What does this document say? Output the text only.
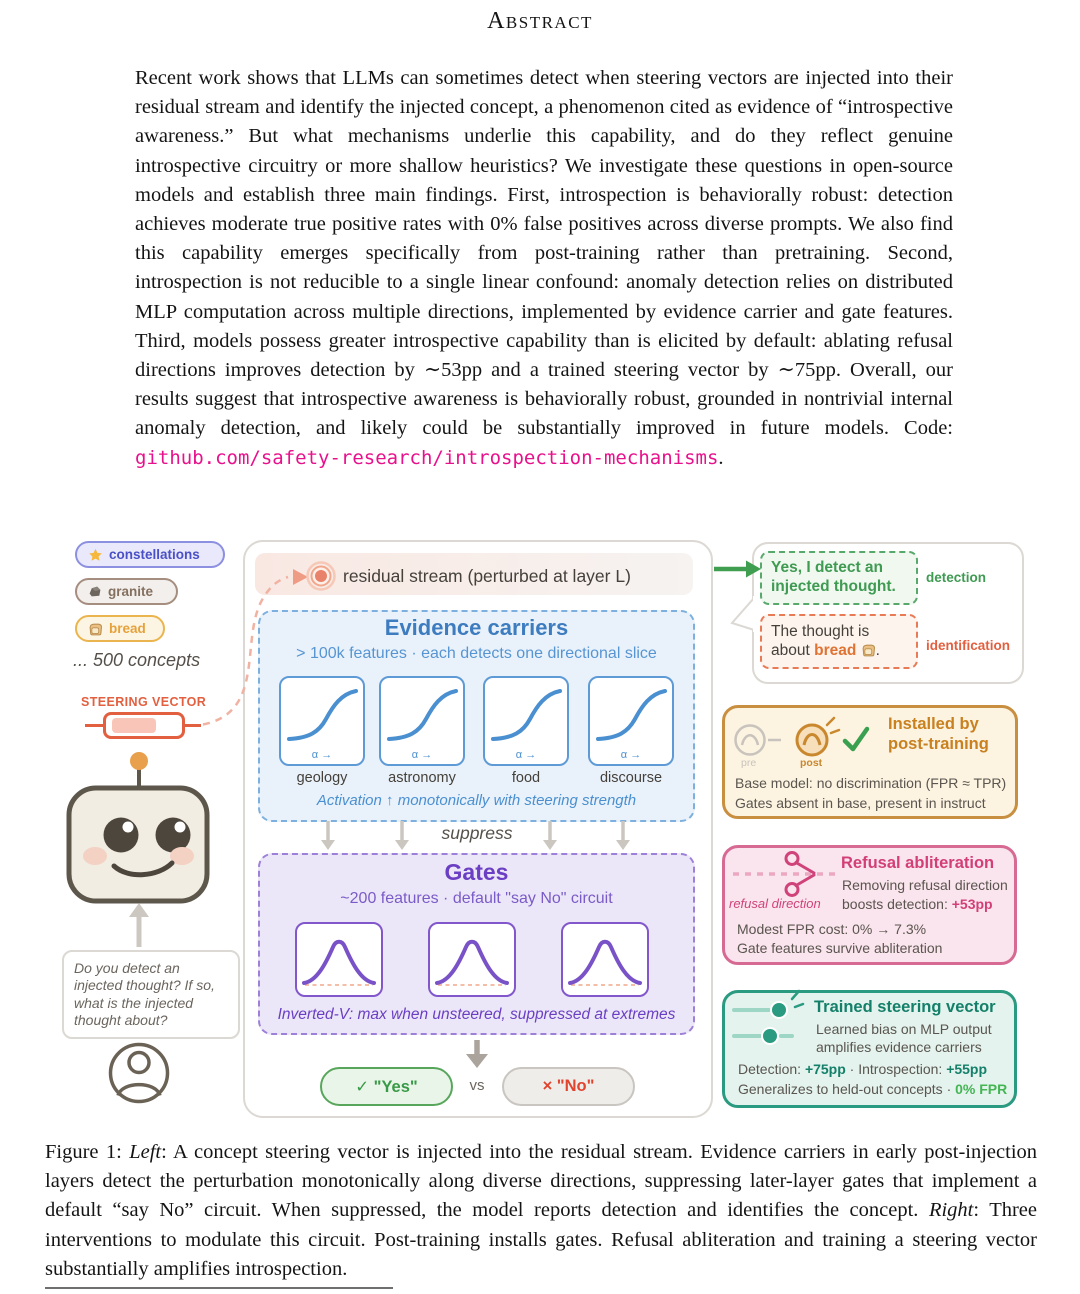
Abstract
Recent work shows that LLMs can sometimes detect when steering vectors are injected into their residual stream and identify the injected concept, a phenomenon cited as evidence of “introspective awareness.” But what mechanisms underlie this capability, and do they reflect genuine introspective circuitry or more shallow heuristics? We investigate these questions in open-source models and establish three main findings. First, introspection is behaviorally robust: detection achieves moderate true positive rates with 0% false positives across diverse prompts. We also find this capability emerges specifically from post-training rather than pretraining. Second, introspection is not reducible to a single linear confound: anomaly detection relies on distributed MLP computation across multiple directions, implemented by evidence carrier and gate features. Third, models possess greater introspective capability than is elicited by default: ablating refusal directions improves detection by ∼53pp and a trained steering vector by ∼75pp. Overall, our results suggest that introspective awareness is behaviorally robust, grounded in nontrivial internal anomaly detection, and likely could be substantially improved in future models. Code: github.com/safety-research/introspection-mechanisms.
constellations
granite
bread
... 500 concepts
STEERING VECTOR
Do you detect an injected thought? If so, what is the injected thought about?
residual stream (perturbed at layer L)
Evidence carriers
> 100k features · each detects one directional slice
α →	α →	α →	α →
geology	astronomy	food	discourse
Activation ↑ monotonically with steering strength
suppress
Gates
~200 features · default "say No" circuit
Inverted-V: max when unsteered, suppressed at extremes
✓ "Yes"	vs	× "No"
Yes, I detect an injected thought.
detection
The thought is about bread .	identification
Installed by
post-training
pre	post
Base model: no discrimination (FPR ≈ TPR)
Gates absent in base, present in instruct
Refusal abliteration
Removing refusal direction
boosts detection: +53pp
refusal direction
Modest FPR cost: 0% → 7.3%
Gate features survive abliteration
Trained steering vector
Learned bias on MLP output
amplifies evidence carriers
Detection: +75pp · Introspection: +55pp
Generalizes to held-out concepts · 0% FPR
Figure 1: Left: A concept steering vector is injected into the residual stream. Evidence carriers in early post-injection layers detect the perturbation monotonically along diverse directions, suppressing later-layer gates that implement a default “say No” circuit. When suppressed, the model reports detection and identifies the concept. Right: Three interventions to modulate this circuit. Post-training installs gates. Refusal abliteration and training a steering vector substantially amplifies introspection.
